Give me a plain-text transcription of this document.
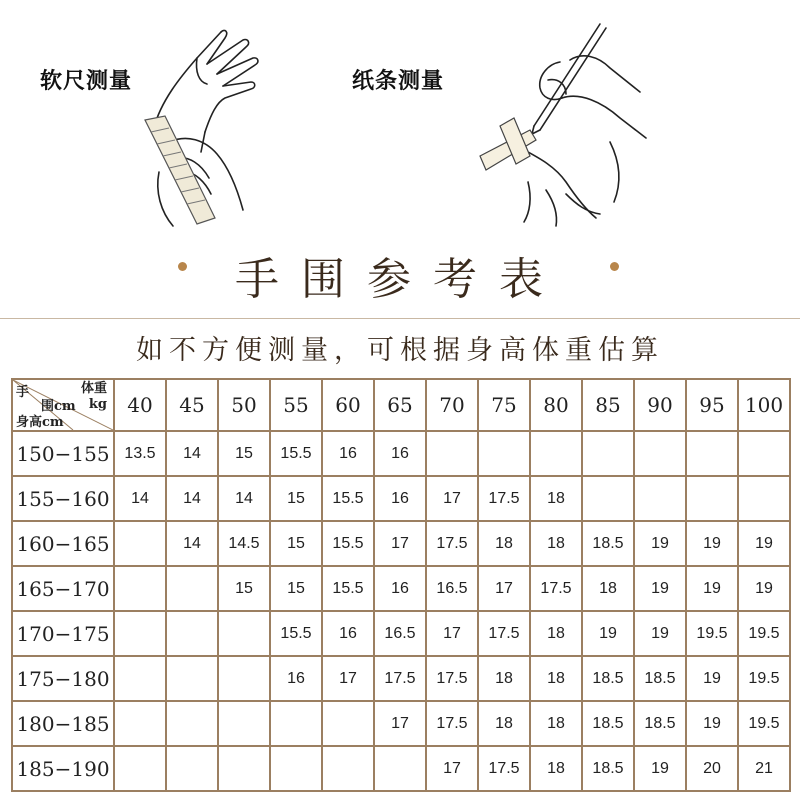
软尺测量	纸条测量
手围参考表
如不方便测量，可根据身高体重估算
体重
kg
手
围cm
身高cm	40	45	50	55	60	65	70	75	80	85	90	95	100
150−155	13.5	14	15	15.5	16	16							
155−160	14	14	14	15	15.5	16	17	17.5	18				
160−165		14	14.5	15	15.5	17	17.5	18	18	18.5	19	19	19
165−170			15	15	15.5	16	16.5	17	17.5	18	19	19	19
170−175				15.5	16	16.5	17	17.5	18	19	19	19.5	19.5
175−180				16	17	17.5	17.5	18	18	18.5	18.5	19	19.5
180−185						17	17.5	18	18	18.5	18.5	19	19.5
185−190							17	17.5	18	18.5	19	20	21
